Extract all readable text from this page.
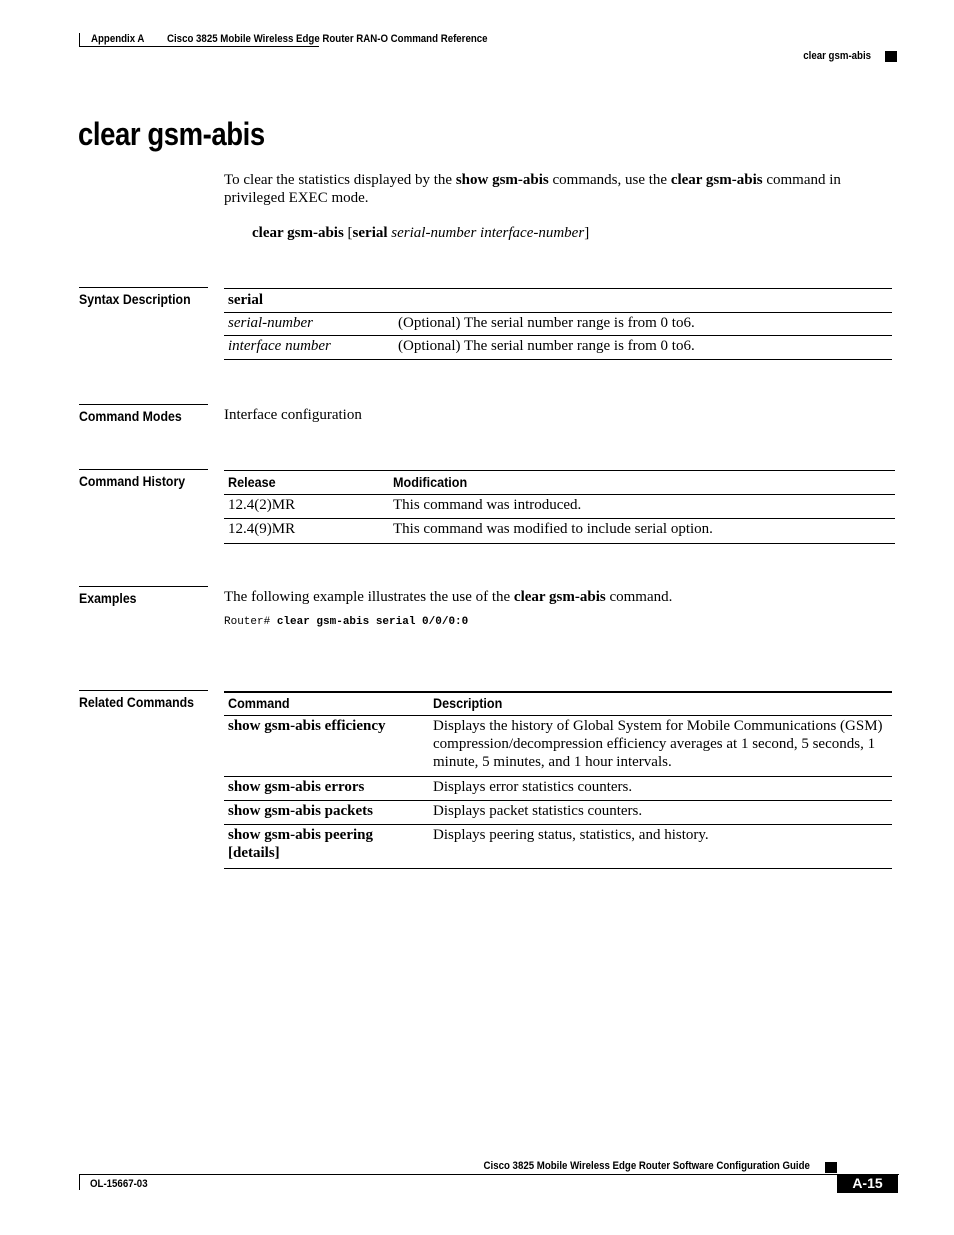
Appendix A Cisco 3825 Mobile Wireless Edge Router RAN-O Command Reference
clear gsm-abis
clear gsm-abis
To clear the statistics displayed by the show gsm-abis commands, use the clear gsm-abis command in privileged EXEC mode.
clear gsm-abis [serial serial-number interface-number]
Syntax Description	serial	
serial-number	(Optional) The serial number range is from 0 to6.
interface number	(Optional) The serial number range is from 0 to6.
Command Modes	Interface configuration
Command History	Release	Modification
12.4(2)MR	This command was introduced.
12.4(9)MR	This command was modified to include serial option.
Examples	The following example illustrates the use of the clear gsm-abis command.
Router# clear gsm-abis serial 0/0/0:0
Related Commands	Command	Description
show gsm-abis efficiency	Displays the history of Global System for Mobile Communications (GSM) compression/decompression efficiency averages at 1 second, 5 seconds, 1 minute, 5 minutes, and 1 hour intervals.
show gsm-abis errors	Displays error statistics counters.
show gsm-abis packets	Displays packet statistics counters.
show gsm-abis peering [details]	Displays peering status, statistics, and history.
Cisco 3825 Mobile Wireless Edge Router Software Configuration Guide
OL-15667-03	A-15
